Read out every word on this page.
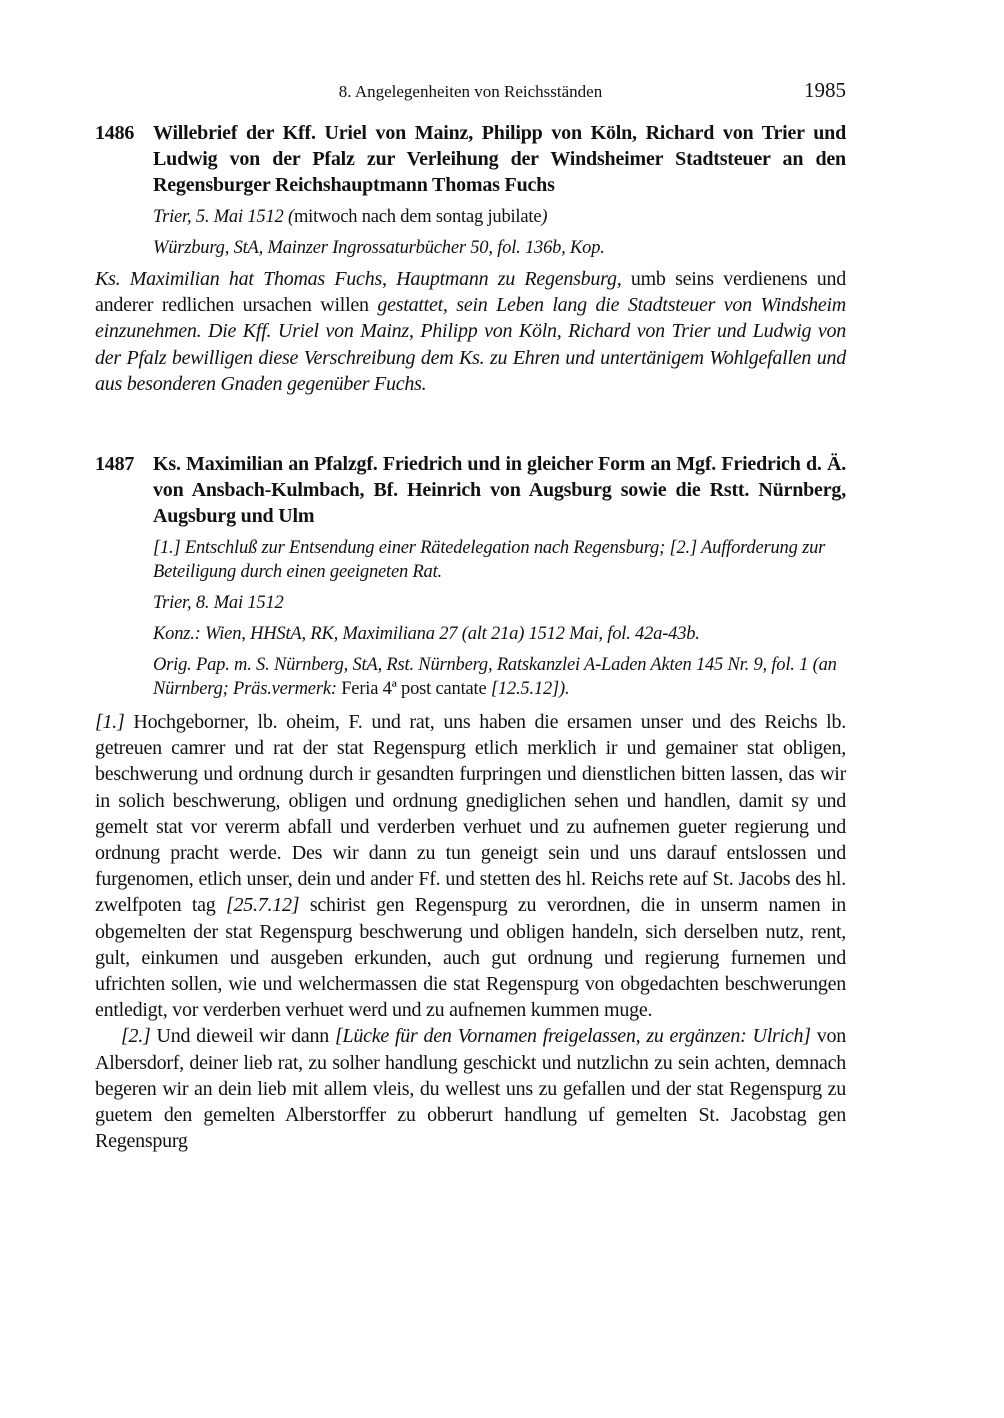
8. Angelegenheiten von Reichsständen	1985
1486 Willebrief der Kff. Uriel von Mainz, Philipp von Köln, Richard von Trier und Ludwig von der Pfalz zur Verleihung der Windsheimer Stadtsteuer an den Regensburger Reichshauptmann Thomas Fuchs
Trier, 5. Mai 1512 (mitwoch nach dem sontag jubilate)
Würzburg, StA, Mainzer Ingrossaturbücher 50, fol. 136b, Kop.

Ks. Maximilian hat Thomas Fuchs, Hauptmann zu Regensburg, umb seins verdienens und anderer redlichen ursachen willen gestattet, sein Leben lang die Stadtsteuer von Windsheim einzunehmen. Die Kff. Uriel von Mainz, Philipp von Köln, Richard von Trier und Ludwig von der Pfalz bewilligen diese Verschreibung dem Ks. zu Ehren und untertänigem Wohlgefallen und aus besonderen Gnaden gegenüber Fuchs.

1487 Ks. Maximilian an Pfalzgf. Friedrich und in gleicher Form an Mgf. Friedrich d. Ä. von Ansbach-Kulmbach, Bf. Heinrich von Augsburg sowie die Rstt. Nürnberg, Augsburg und Ulm
[1.] Entschluß zur Entsendung einer Rätedelegation nach Regensburg; [2.] Aufforderung zur Beteiligung durch einen geeigneten Rat.
Trier, 8. Mai 1512
Konz.: Wien, HHStA, RK, Maximiliana 27 (alt 21a) 1512 Mai, fol. 42a-43b.
Orig. Pap. m. S. Nürnberg, StA, Rst. Nürnberg, Ratskanzlei A-Laden Akten 145 Nr. 9, fol. 1 (an Nürnberg; Präs.vermerk: Feria 4ª post cantate [12.5.12]).

[1.] Hochgeborner, lb. oheim, F. und rat, uns haben die ersamen unser und des Reichs lb. getreuen camrer und rat der stat Regenspurg etlich merklich ir und gemainer stat obligen, beschwerung und ordnung durch ir gesandten furpringen und dienstlichen bitten lassen, das wir in solich beschwerung, obligen und ordnung gnediglichen sehen und handlen, damit sy und gemelt stat vor vererm abfall und verderben verhuet und zu aufnemen gueter regierung und ordnung pracht werde. Des wir dann zu tun geneigt sein und uns darauf entslossen und furgenomen, etlich unser, dein und ander Ff. und stetten des hl. Reichs rete auf St. Jacobs des hl. zwelfpoten tag [25.7.12] schirist gen Regenspurg zu verordnen, die in unserm namen in obgemelten der stat Regenspurg beschwerung und obligen handeln, sich derselben nutz, rent, gult, einkumen und ausgeben erkunden, auch gut ordnung und regierung furnemen und ufrichten sollen, wie und welchermassen die stat Regenspurg von obgedachten beschwerungen entledigt, vor verderben verhuet werd und zu aufnemen kummen muge.

[2.] Und dieweil wir dann [Lücke für den Vornamen freigelassen, zu ergänzen: Ulrich] von Albersdorf, deiner lieb rat, zu solher handlung geschickt und nutzlichn zu sein achten, demnach begeren wir an dein lieb mit allem vleis, du wellest uns zu gefallen und der stat Regenspurg zu guetem den gemelten Alberstorffer zu obberurt handlung uf gemelten St. Jacobstag gen Regenspurg
